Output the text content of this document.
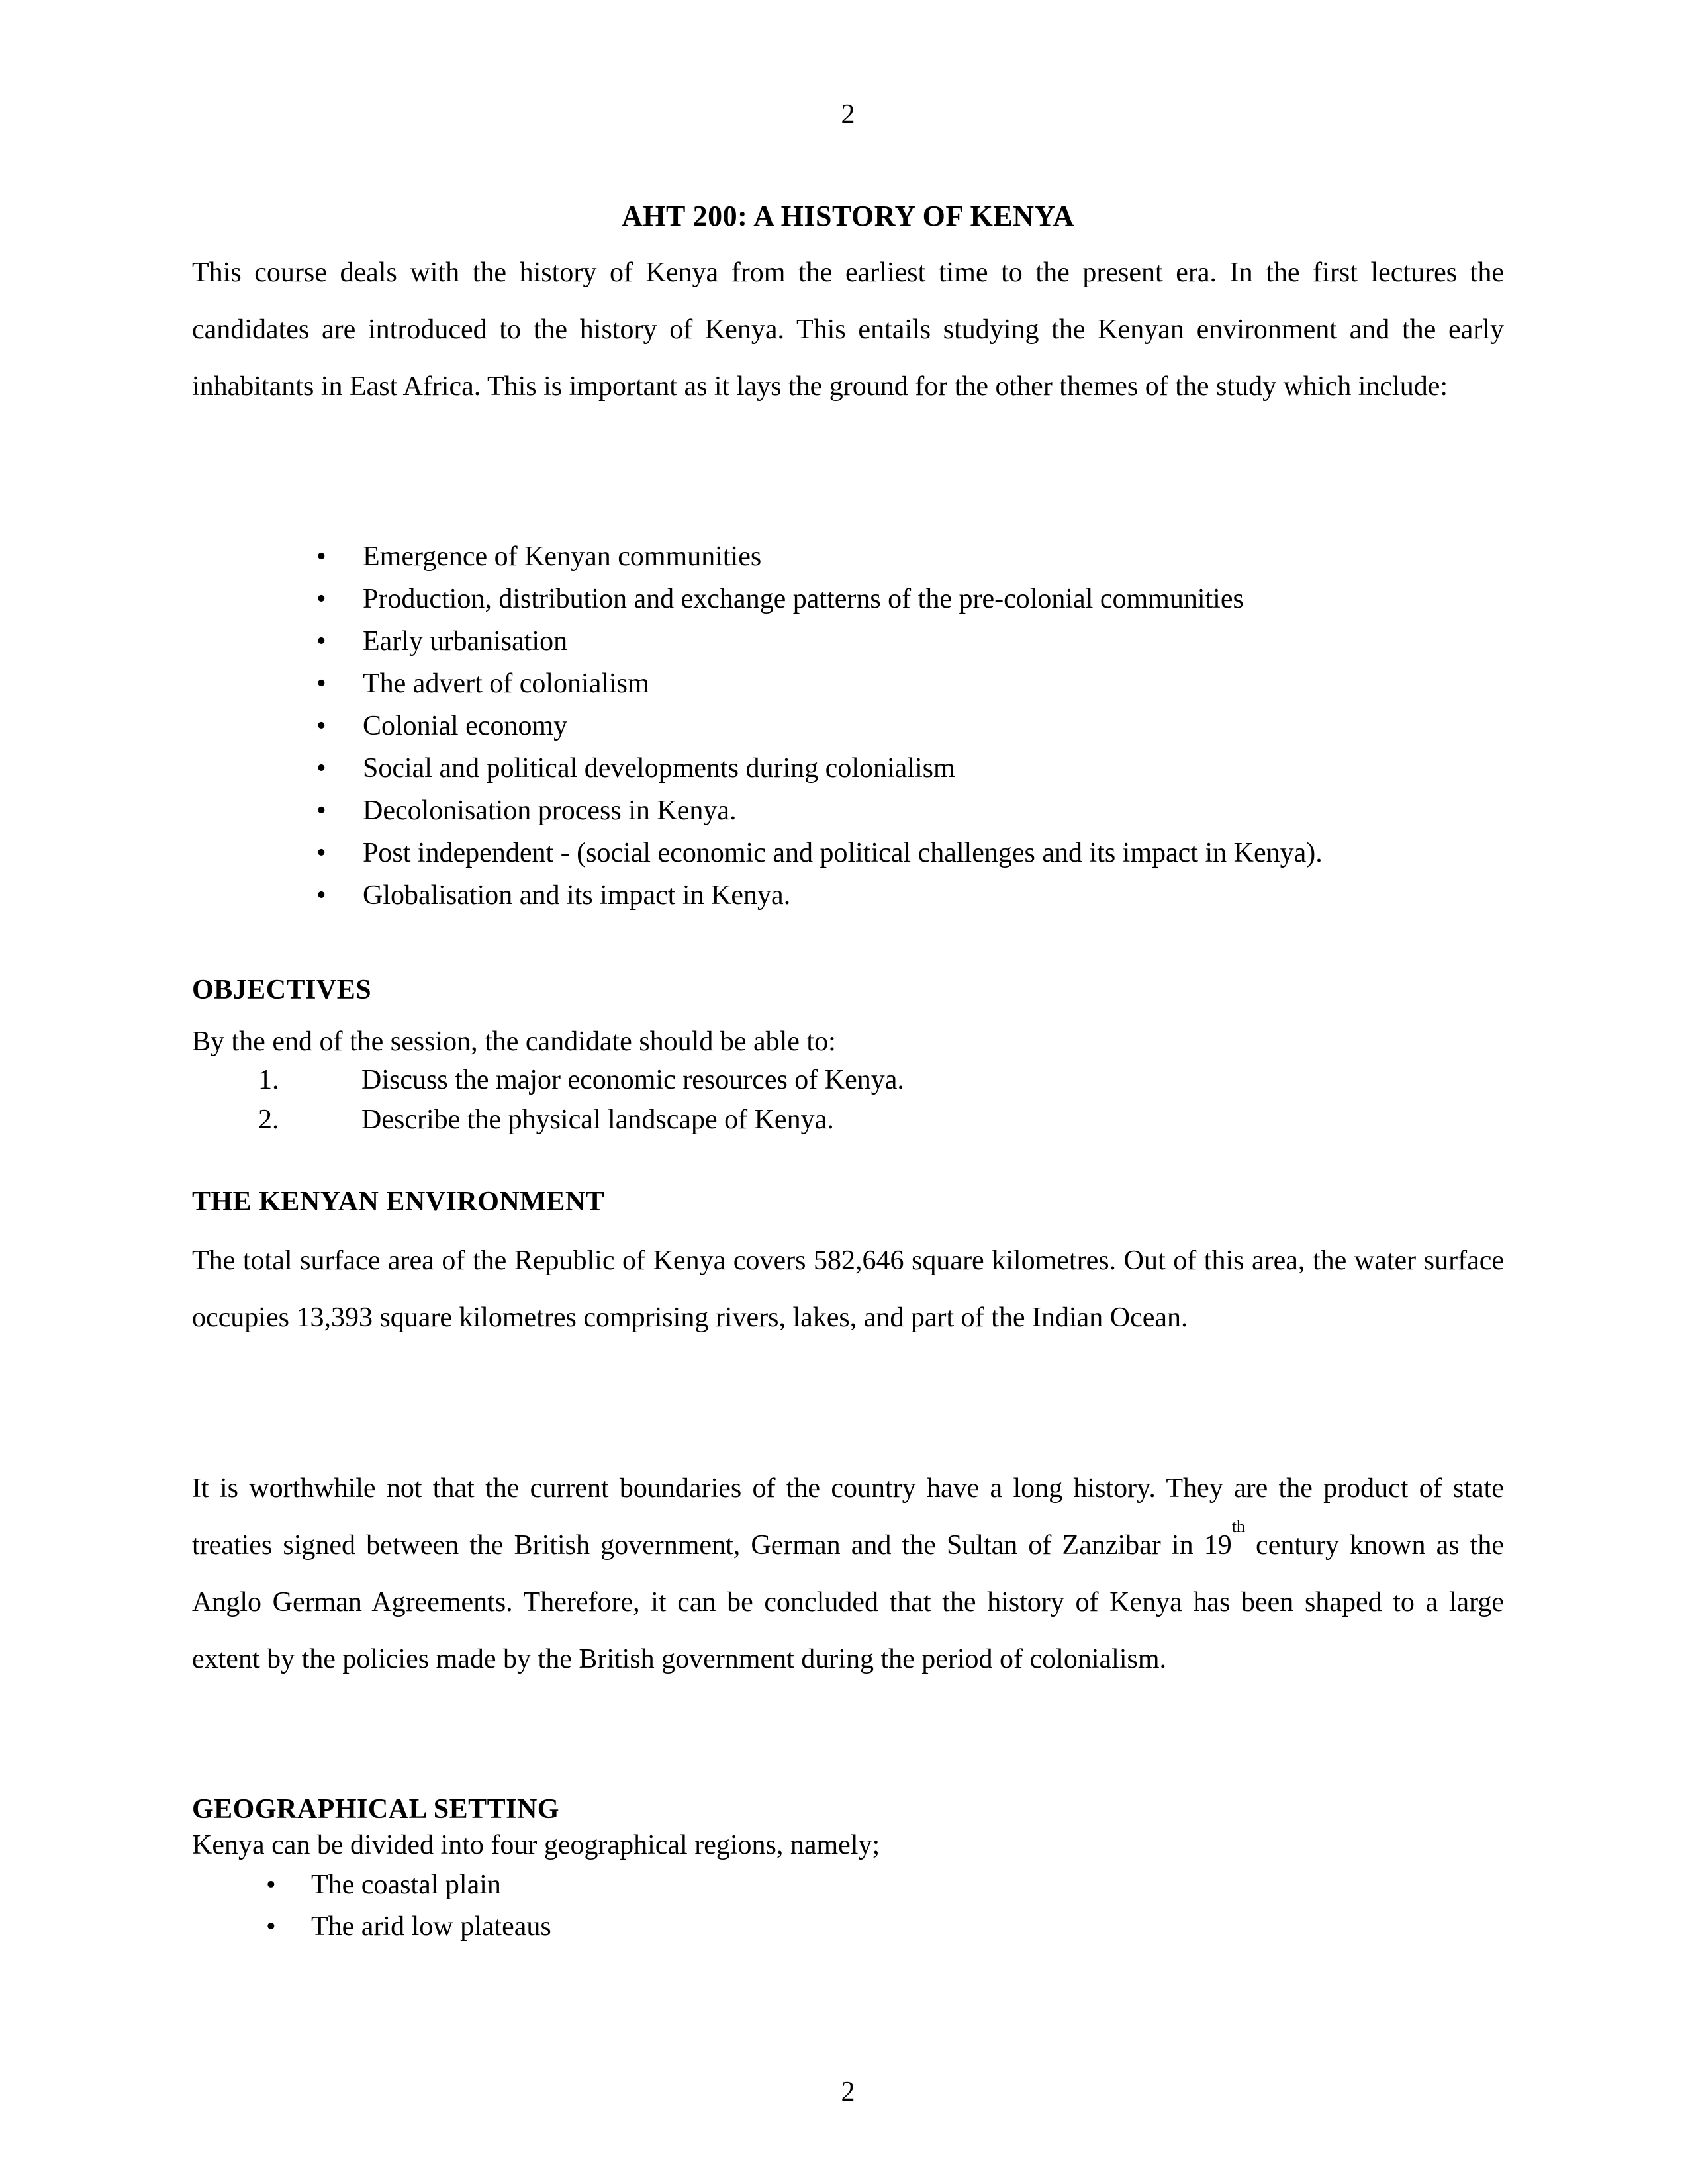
2
AHT 200: A HISTORY OF KENYA
This course deals with the history of Kenya from the earliest time to the present era. In the first lectures the candidates are introduced to the history of Kenya. This entails studying the Kenyan environment and the early inhabitants in East Africa. This is important as it lays the ground for the other themes of the study which include:
• Emergence of Kenyan communities
• Production, distribution and exchange patterns of the pre-colonial communities
• Early urbanisation
• The advert of colonialism
• Colonial economy
• Social and political developments during colonialism
• Decolonisation process in Kenya.
• Post independent - (social economic and political challenges and its impact in Kenya).
• Globalisation and its impact in Kenya.
OBJECTIVES
By the end of the session, the candidate should be able to:
1.	Discuss the major economic resources of Kenya.
2.	Describe the physical landscape of Kenya.
THE KENYAN ENVIRONMENT
The total surface area of the Republic of Kenya covers 582,646 square kilometres. Out of this area, the water surface occupies 13,393 square kilometres comprising rivers, lakes, and part of the Indian Ocean.
It is worthwhile not that the current boundaries of the country have a long history. They are the product of state treaties signed between the British government, German and the Sultan of Zanzibar in 19th century known as the Anglo German Agreements. Therefore, it can be concluded that the history of Kenya has been shaped to a large extent by the policies made by the British government during the period of colonialism.
GEOGRAPHICAL SETTING
Kenya can be divided into four geographical regions, namely;
• The coastal plain
• The arid low plateaus
2
